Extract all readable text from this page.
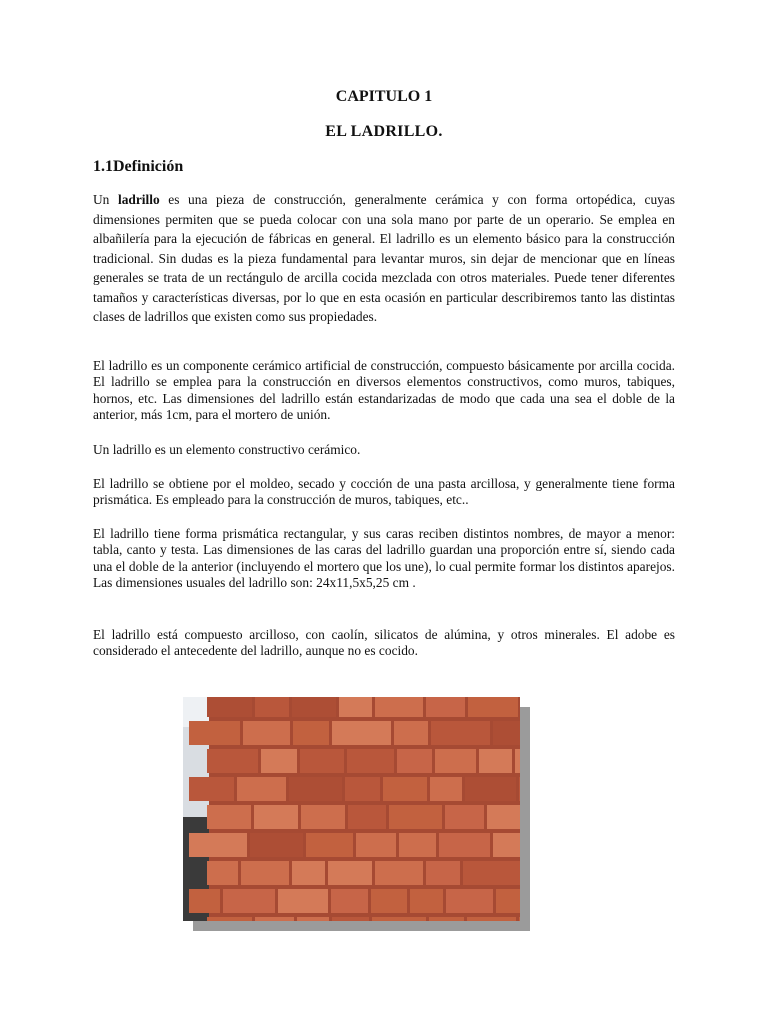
CAPITULO 1
EL LADRILLO.
1.1Definición

Un ladrillo es una pieza de construcción, generalmente cerámica y con forma ortopédica, cuyas dimensiones permiten que se pueda colocar con una sola mano por parte de un operario. Se emplea en albañilería para la ejecución de fábricas en general. El ladrillo es un elemento básico para la construcción tradicional. Sin dudas es la pieza fundamental para levantar muros, sin dejar de mencionar que en líneas generales se trata de un rectángulo de arcilla cocida mezclada con otros materiales. Puede tener diferentes tamaños y características diversas, por lo que en esta ocasión en particular describiremos tanto las distintas clases de ladrillos que existen como sus propiedades.

El ladrillo es un componente cerámico artificial de construcción, compuesto básicamente por arcilla cocida. El ladrillo se emplea para la construcción en diversos elementos constructivos, como muros, tabiques, hornos, etc. Las dimensiones del ladrillo están estandarizadas de modo que cada una sea el doble de la anterior, más 1cm, para el mortero de unión.

Un ladrillo es un elemento constructivo cerámico.

El ladrillo se obtiene por el moldeo, secado y cocción de una pasta arcillosa, y generalmente tiene forma prismática. Es empleado para la construcción de muros, tabiques, etc..

El ladrillo tiene forma prismática rectangular, y sus caras reciben distintos nombres, de mayor a menor: tabla, canto y testa. Las dimensiones de las caras del ladrillo guardan una proporción entre sí, siendo cada una el doble de la anterior (incluyendo el mortero que los une), lo cual permite formar los distintos aparejos. Las dimensiones usuales del ladrillo son: 24x11,5x5,25 cm .

El ladrillo está compuesto arcilloso, con caolín, silicatos de alúmina, y otros minerales. El adobe es considerado el antecedente del ladrillo, aunque no es cocido.
